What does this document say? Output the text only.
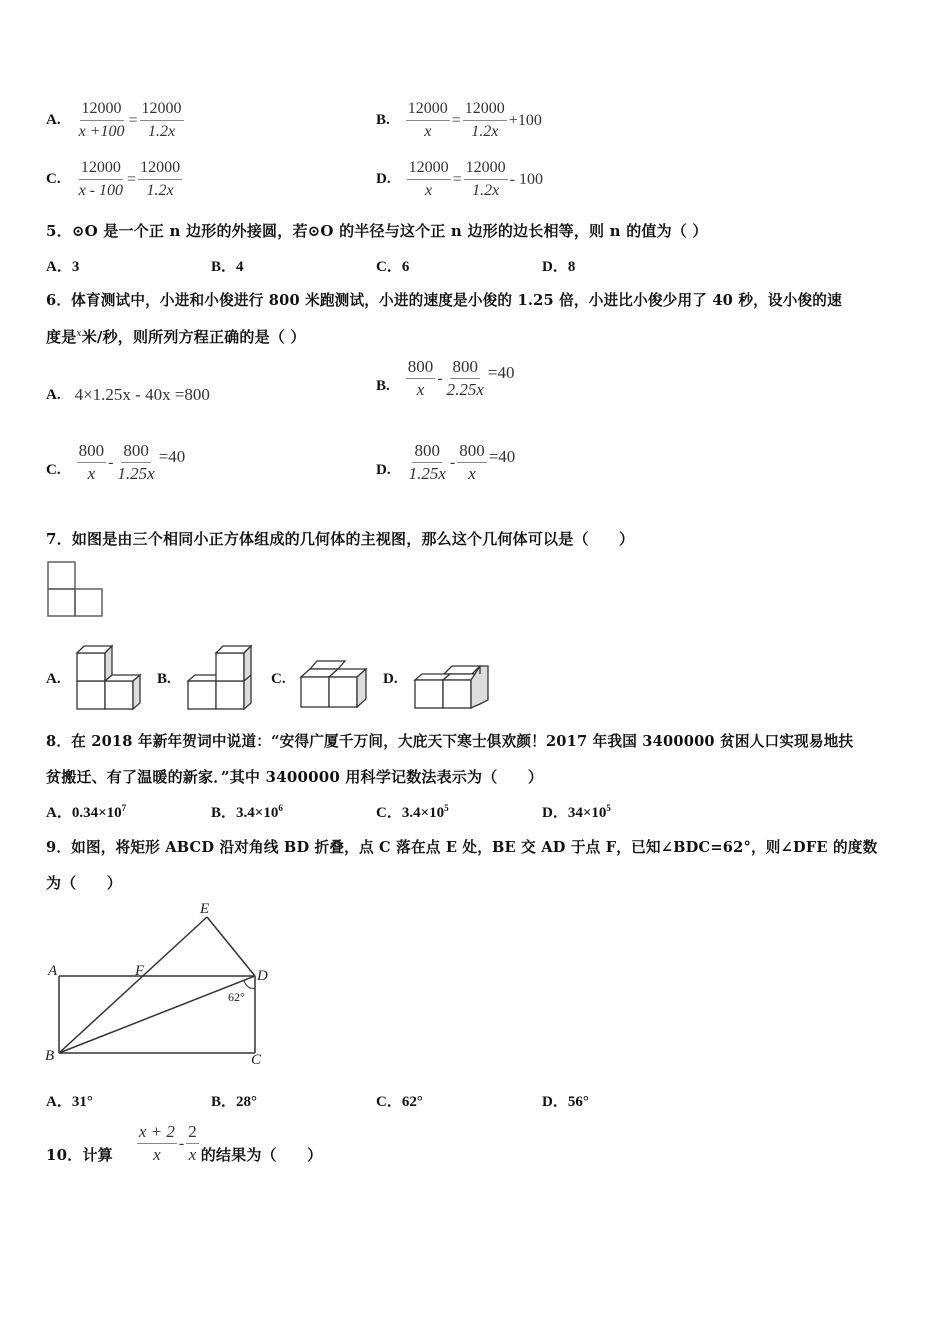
A. $\frac{12000}{x +100} = \frac{12000}{1.2x}$	B. $\frac{12000}{x} = \frac{12000}{1.2x} +100$
C. $\frac{12000}{x - 100} = \frac{12000}{1.2x}$	D. $\frac{12000}{x} = \frac{12000}{1.2x} - 100$
5．⊙O 是一个正 n 边形的外接圆，若⊙O 的半径与这个正 n 边形的边长相等，则 n 的值为（ ）
A．3	B．4	C．6	D．8
6．体育测试中，小进和小俊进行 800 米跑测试，小进的速度是小俊的 1.25 倍，小进比小俊少用了 40 秒，设小俊的速
度是$^x$米/秒，则所列方程正确的是（ ）
A. 4×1.25x - 40x =800	B. $\frac{800}{x} - \frac{800}{2.25x} =40$
C. $\frac{800}{x} - \frac{800}{1.25x} =40$
D. $\frac{800}{1.25x} - \frac{800}{x} =40$
7．如图是由三个相同小正方体组成的几何体的主视图，那么这个几何体可以是（　　）
A.	B.	C.	D.
8．在 2018 年新年贺词中说道：“安得广厦千万间，大庇天下寒士俱欢颜！2017 年我国 3400000 贫困人口实现易地扶
贫搬迁、有了温暖的新家．”其中 3400000 用科学记数法表示为（　　）
A．$0.34\times 10^7$	B．$3.4\times 10^6$	C．$3.4\times 10^5$	D．$34\times 10^5$
9．如图，将矩形 ABCD 沿对角线 BD 折叠，点 C 落在点 E 处，BE 交 AD 于点 F，已知∠BDC=62°，则∠DFE 的度数
为（　　）
E
A	F	D
B	C
62°
A．31°	B．28°	C．62°	D．56°
10．计算 $\frac{x + 2}{x} - \frac{2}{x}$ 的结果为（　　）
